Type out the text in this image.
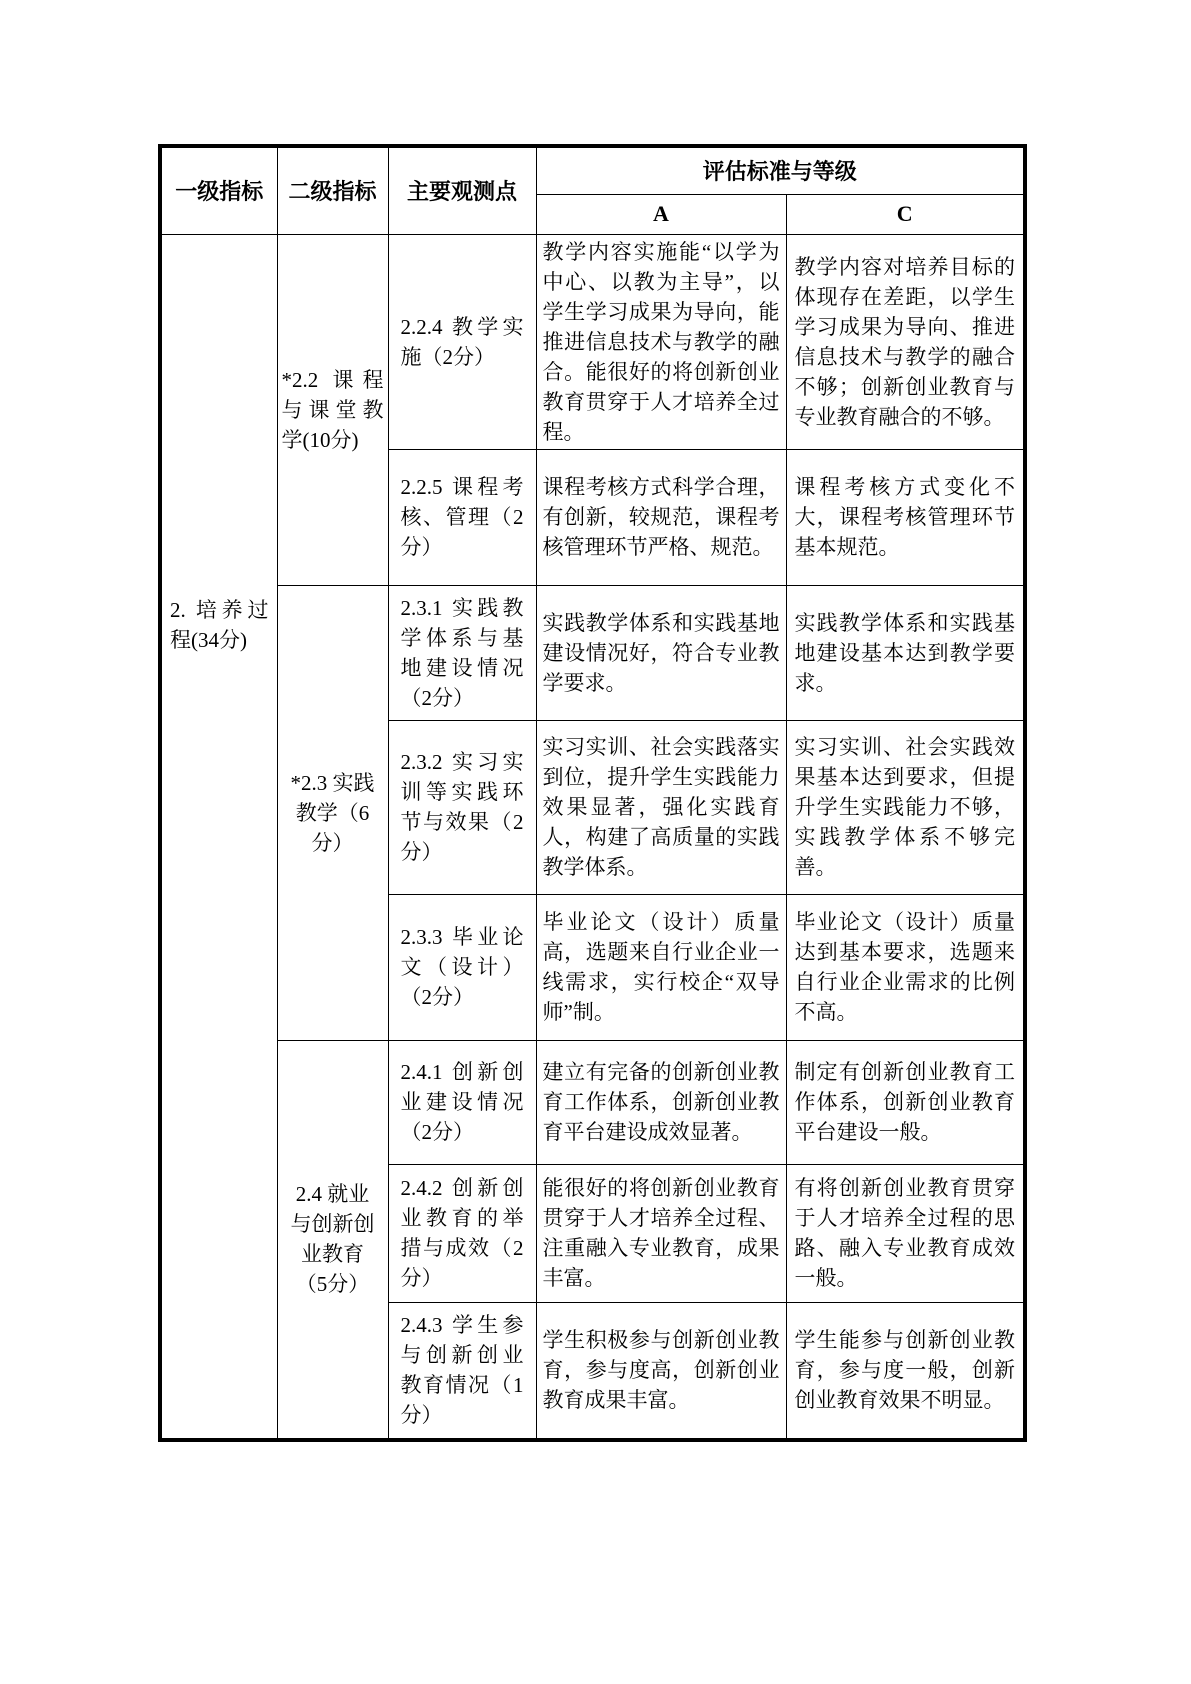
一级指标	二级指标	主要观测点	评估标准与等级	
			A	C

2. 培养过程(34分)	*2.2 课程与课堂教学(10分)	2.2.4 教学实施（2分）	教学内容实施能“以学为中心、以教为主导”，以学生学习成果为导向，能推进信息技术与教学的融合。能很好的将创新创业教育贯穿于人才培养全过程。	教学内容对培养目标的体现存在差距，以学生学习成果为导向、推进信息技术与教学的融合不够；创新创业教育与专业教育融合的不够。
		2.2.5 课程考核、管理（2分）	课程考核方式科学合理，有创新，较规范，课程考核管理环节严格、规范。	课程考核方式变化不大，课程考核管理环节基本规范。
	*2.3 实践教学（6分）	2.3.1 实践教学体系与基地建设情况（2分）	实践教学体系和实践基地建设情况好，符合专业教学要求。	实践教学体系和实践基地建设基本达到教学要求。
		2.3.2 实习实训等实践环节与效果（2分）	实习实训、社会实践落实到位，提升学生实践能力效果显著，强化实践育人，构建了高质量的实践教学体系。	实习实训、社会实践效果基本达到要求，但提升学生实践能力不够，实践教学体系不够完善。
		2.3.3 毕业论文（设计）（2分）	毕业论文（设计）质量高，选题来自行业企业一线需求，实行校企“双导师”制。	毕业论文（设计）质量达到基本要求，选题来自行业企业需求的比例不高。
	2.4 就业与创新创业教育（5分）	2.4.1 创新创业建设情况（2分）	建立有完备的创新创业教育工作体系，创新创业教育平台建设成效显著。	制定有创新创业教育工作体系，创新创业教育平台建设一般。
		2.4.2 创新创业教育的举措与成效（2分）	能很好的将创新创业教育贯穿于人才培养全过程、注重融入专业教育，成果丰富。	有将创新创业教育贯穿于人才培养全过程的思路、融入专业教育成效一般。
		2.4.3 学生参与创新创业教育情况（1分）	学生积极参与创新创业教育，参与度高，创新创业教育成果丰富。	学生能参与创新创业教育，参与度一般，创新创业教育效果不明显。
